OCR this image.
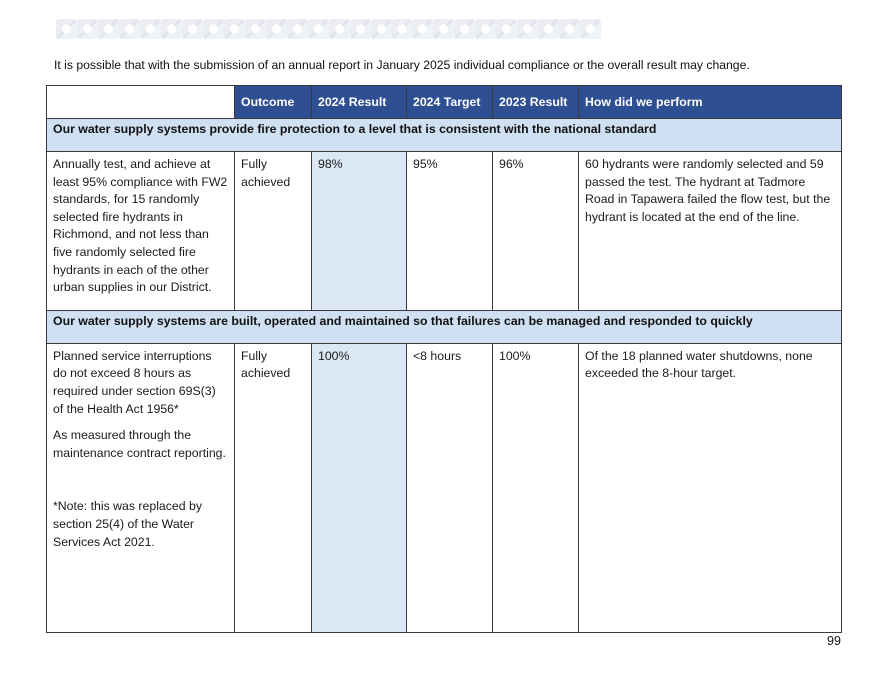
It is possible that with the submission of an annual report in January 2025 individual compliance or the overall result may change.
	Outcome	2024 Result	2024 Target	2023 Result	How did we perform
Our water supply systems provide fire protection to a level that is consistent with the national standard					

Annually test, and achieve at least 95% compliance with FW2 standards, for 15 randomly selected fire hydrants in Richmond, and not less than five randomly selected fire hydrants in each of the other urban supplies in our District.	Fully achieved	98%	95%	96%	60 hydrants were randomly selected and 59 passed the test. The hydrant at Tadmore Road in Tapawera failed the flow test, but the hydrant is located at the end of the line.
Our water supply systems are built, operated and maintained so that failures can be managed and responded to quickly					

Planned service interruptions do not exceed 8 hours as required under section 69S(3) of the Health Act 1956*

As measured through the maintenance contract reporting.

*Note: this was replaced by section 25(4) of the Water Services Act 2021.	Fully achieved	100%	<8 hours	100%	Of the 18 planned water shutdowns, none exceeded the 8-hour target.
99
